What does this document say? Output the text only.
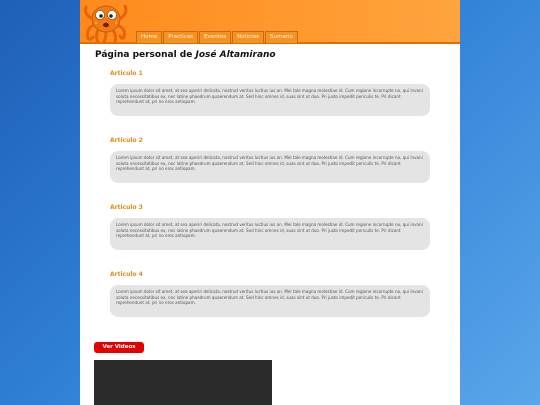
Home	Practicas	Eventos	Noticias	Sumario
Página personal de José Altamirano
Articulo 1
Lorem ipsum dolor sit amet, at sea aperiri delicata, nostrud veritus luctius ius an. Mei tale magna molestiae id. Cum regione incorrupte no, qui invani soluta necessitatibus ex, nec latine phaedrum quaerendum at. Sed hinc omnes id, suas sint ut duo. Pri justo impedit periculis te. Pri dicant reprehendunt at, pri no eros antiopam.
Articulo 2
Lorem ipsum dolor sit amet, at sea aperiri delicata, nostrud veritus luctius ius an. Mei tale magna molestiae id. Cum regione incorrupte no, qui invani soluta necessitatibus ex, nec latine phaedrum quaerendum at. Sed hinc omnes id, suas sint ut duo. Pri justo impedit periculis te. Pri dicant reprehendunt at, pri no eros antiopam.
Articulo 3
Lorem ipsum dolor sit amet, at sea aperiri delicata, nostrud veritus luctius ius an. Mei tale magna molestiae id. Cum regione incorrupte no, qui invani soluta necessitatibus ex, nec latine phaedrum quaerendum at. Sed hinc omnes id, suas sint ut duo. Pri justo impedit periculis te. Pri dicant reprehendunt at, pri no eros antiopam.
Articulo 4
Lorem ipsum dolor sit amet, at sea aperiri delicata, nostrud veritus luctius ius an. Mei tale magna molestiae id. Cum regione incorrupte no, qui invani soluta necessitatibus ex, nec latine phaedrum quaerendum at. Sed hinc omnes id, suas sint ut duo. Pri justo impedit periculis te. Pri dicant reprehendunt at, pri no eros antiopam.
Ver Videos
